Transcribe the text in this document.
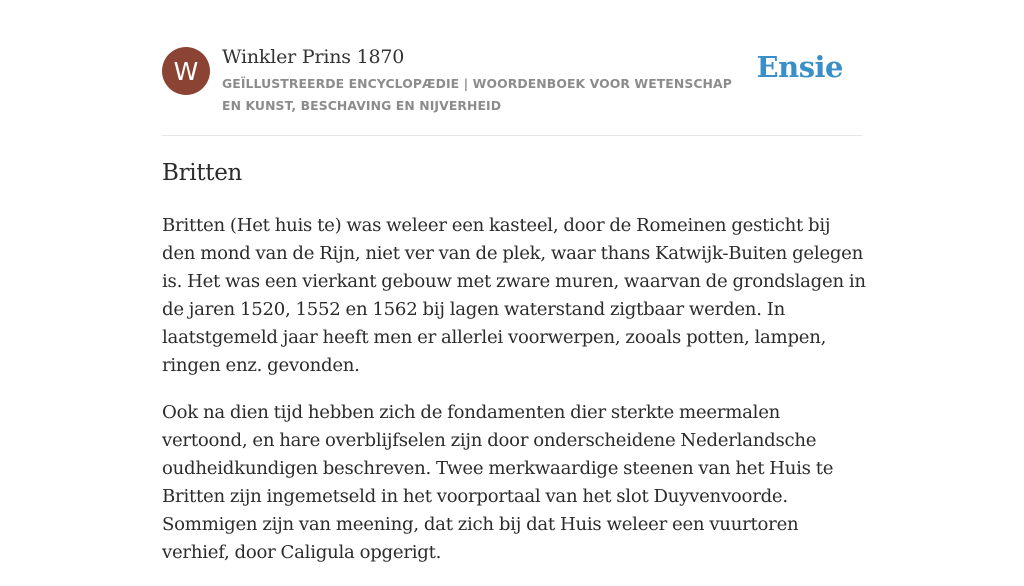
W Winkler Prins 1870
GEÏLLUSTREERDE ENCYCLOPÆDIE | WOORDENBOEK VOOR WETENSCHAP EN KUNST, BESCHAVING EN NIJVERHEID
Ensie
Britten

Britten (Het huis te) was weleer een kasteel, door de Romeinen gesticht bij den mond van de Rijn, niet ver van de plek, waar thans Katwijk-Buiten gelegen is. Het was een vierkant gebouw met zware muren, waarvan de grondslagen in de jaren 1520, 1552 en 1562 bij lagen waterstand zigtbaar werden. In laatstgemeld jaar heeft men er allerlei voorwerpen, zooals potten, lampen, ringen enz. gevonden.

Ook na dien tijd hebben zich de fondamenten dier sterkte meermalen vertoond, en hare overblijfselen zijn door onderscheidene Nederlandsche oudheidkundigen beschreven. Twee merkwaardige steenen van het Huis te Britten zijn ingemetseld in het voorportaal van het slot Duyvenvoorde. Sommigen zijn van meening, dat zich bij dat Huis weleer een vuurtoren verhief, door Caligula opgerigt.
